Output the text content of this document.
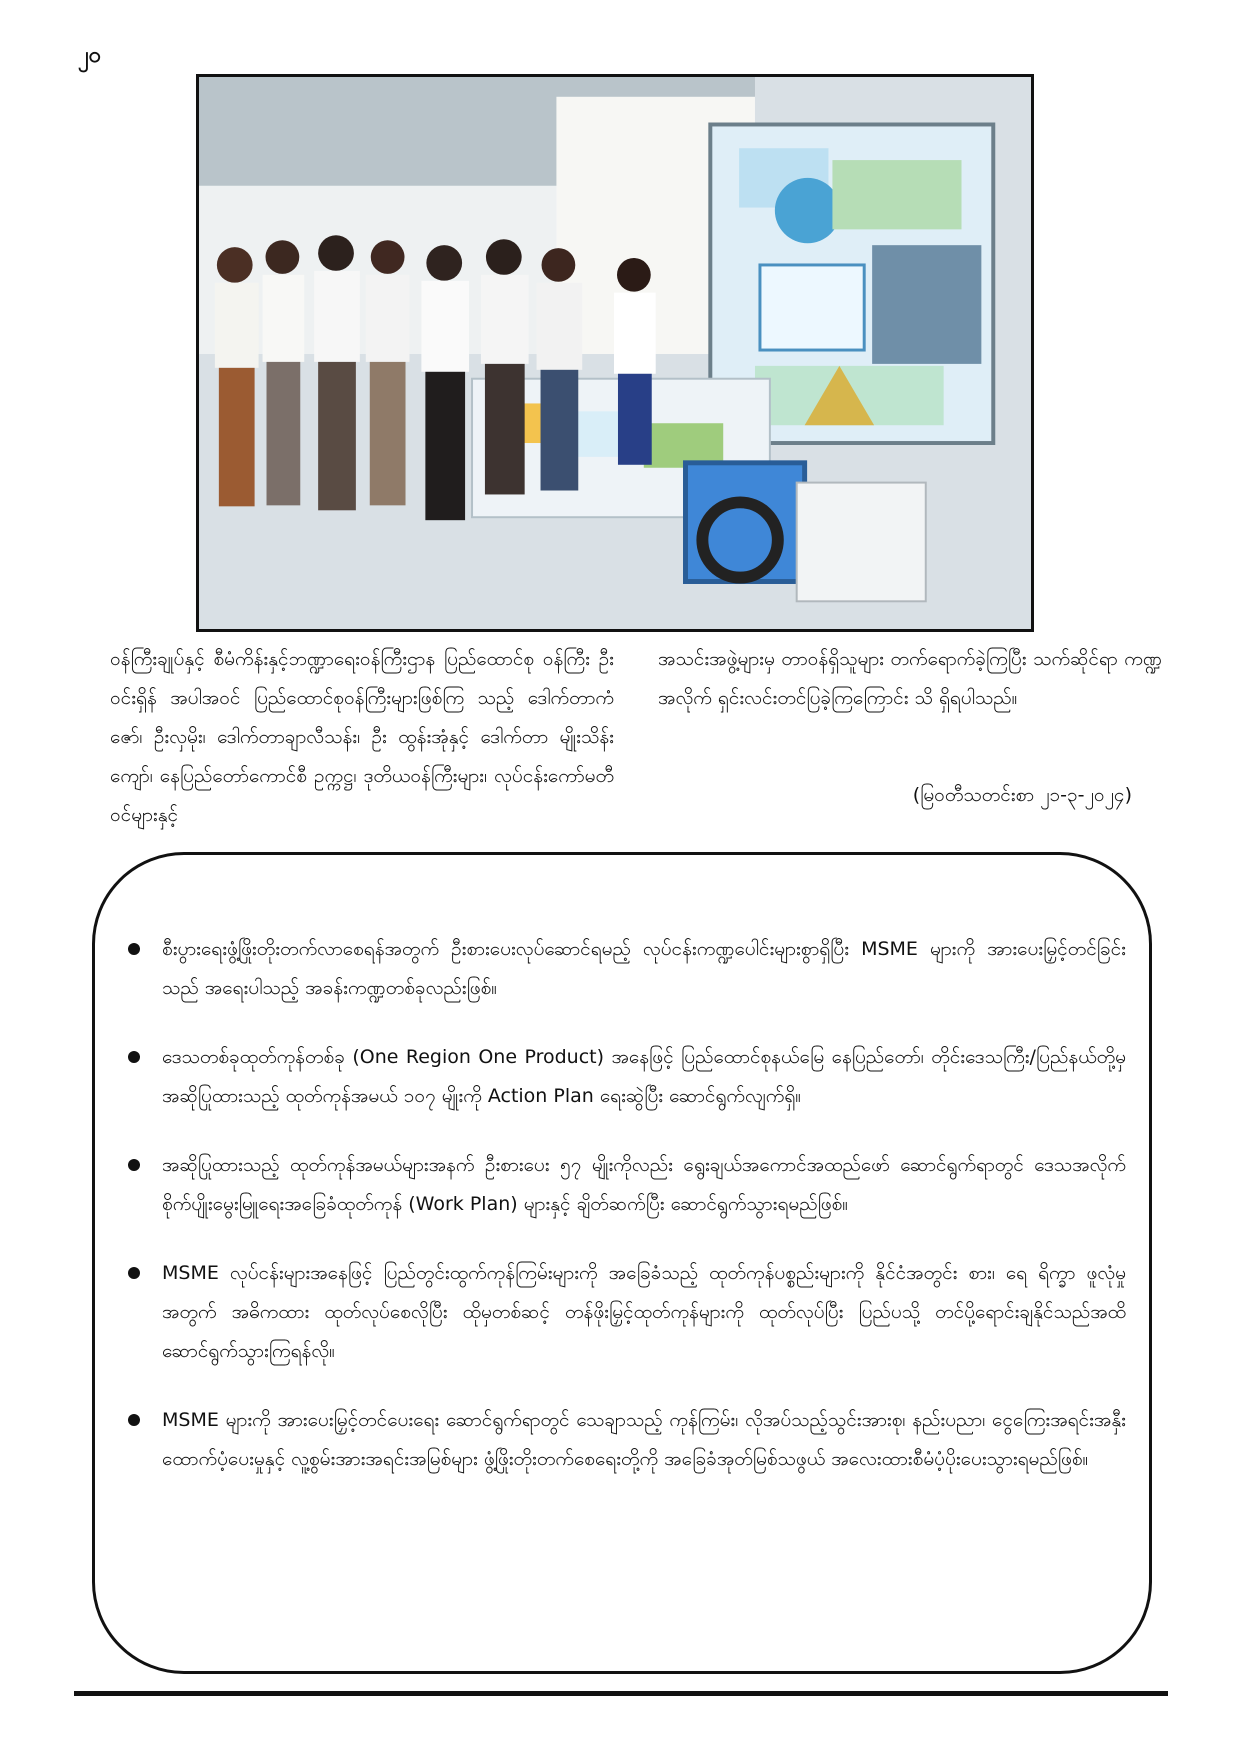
၂၀
ဝန်ကြီးချုပ်နှင့် စီမံကိန်းနှင့်ဘဏ္ဍာရေးဝန်ကြီးဌာန ပြည်ထောင်စု ဝန်ကြီး ဦးဝင်းရှိန် အပါအဝင် ပြည်ထောင်စုဝန်ကြီးများဖြစ်ကြ သည့် ဒေါက်တာကံဇော်၊ ဦးလှမိုး၊ ဒေါက်တာချာလီသန်း၊ ဦး ထွန်းအုံနှင့် ဒေါက်တာ မျိုးသိန်းကျော်၊ နေပြည်တော်ကောင်စီ ဥက္ကဋ္ဌ၊ ဒုတိယဝန်ကြီးများ၊ လုပ်ငန်းကော်မတီဝင်များနှင့်
အသင်းအဖွဲ့များမှ တာဝန်ရှိသူများ တက်ရောက်ခဲ့ကြပြီး သက်ဆိုင်ရာ ကဏ္ဍအလိုက် ရှင်းလင်းတင်ပြခဲ့ကြကြောင်း သိ ရှိရပါသည်။
(မြဝတီသတင်းစာ ၂၁-၃-၂၀၂၄)
စီးပွားရေးဖွံ့ဖြိုးတိုးတက်လာစေရန်အတွက် ဦးစားပေးလုပ်ဆောင်ရမည့် လုပ်ငန်းကဏ္ဍပေါင်းများစွာရှိပြီး MSME များကို အားပေးမြှင့်တင်ခြင်းသည် အရေးပါသည့် အခန်းကဏ္ဍတစ်ခုလည်းဖြစ်။
ဒေသတစ်ခုထုတ်ကုန်တစ်ခု (One Region One Product) အနေဖြင့် ပြည်ထောင်စုနယ်မြေ နေပြည်တော်၊ တိုင်းဒေသကြီး/ပြည်နယ်တို့မှ အဆိုပြုထားသည့် ထုတ်ကုန်အမယ် ၁၀၇ မျိုးကို Action Plan ရေးဆွဲပြီး ဆောင်ရွက်လျက်ရှိ။
အဆိုပြုထားသည့် ထုတ်ကုန်အမယ်များအနက် ဦးစားပေး ၅၇ မျိုးကိုလည်း ရွေးချယ်အကောင်အထည်ဖော် ဆောင်ရွက်ရာတွင် ဒေသအလိုက် စိုက်ပျိုးမွေးမြူရေးအခြေခံထုတ်ကုန် (Work Plan) များနှင့် ချိတ်ဆက်ပြီး ဆောင်ရွက်သွားရမည်ဖြစ်။
MSME လုပ်ငန်းများအနေဖြင့် ပြည်တွင်းထွက်ကုန်ကြမ်းများကို အခြေခံသည့် ထုတ်ကုန်ပစ္စည်းများကို နိုင်ငံအတွင်း စား၊ ရေ ရိက္ခာ ဖူလုံမှုအတွက် အဓိကထား ထုတ်လုပ်စေလိုပြီး ထိုမှတစ်ဆင့် တန်ဖိုးမြှင့်ထုတ်ကုန်များကို ထုတ်လုပ်ပြီး ပြည်ပသို့ တင်ပို့ရောင်းချနိုင်သည်အထိ ဆောင်ရွက်သွားကြရန်လို။
MSME များကို အားပေးမြှင့်တင်ပေးရေး ဆောင်ရွက်ရာတွင် သေချာသည့် ကုန်ကြမ်း၊ လိုအပ်သည့်သွင်းအားစု၊ နည်းပညာ၊ ငွေကြေးအရင်းအနှီး ထောက်ပံ့ပေးမှုနှင့် လူ့စွမ်းအားအရင်းအမြစ်များ ဖွံ့ဖြိုးတိုးတက်စေရေးတို့ကို အခြေခံအုတ်မြစ်သဖွယ် အလေးထားစီမံပံ့ပိုးပေးသွားရမည်ဖြစ်။
